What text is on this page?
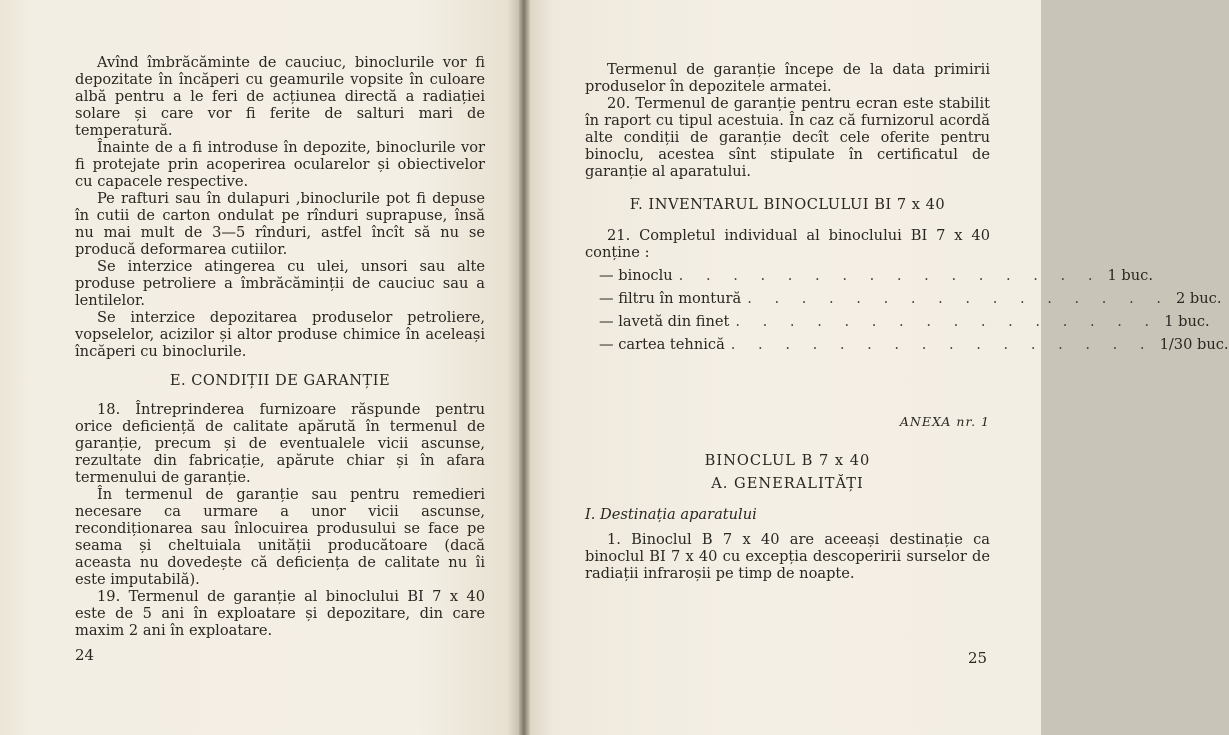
Avînd îmbrăcăminte de cauciuc, binoclurile vor fi depozitate în încăperi cu geamurile vopsite în culoare albă pentru a le feri de acțiunea directă a radiației solare și care vor fi ferite de salturi mari de temperatură.

Înainte de a fi introduse în depozite, binoclurile vor fi protejate prin acoperirea ocularelor și obiectivelor cu capacele respective.

Pe rafturi sau în dulapuri ,binoclurile pot fi depuse în cutii de carton ondulat pe rînduri suprapuse, însă nu mai mult de 3—5 rînduri, astfel încît să nu se producă deformarea cutiilor.

Se interzice atingerea cu ulei, unsori sau alte produse petroliere a îmbrăcăminții de cauciuc sau a lentilelor.

Se interzice depozitarea produselor petroliere, vopselelor, acizilor și altor produse chimice în aceleași încăperi cu binoclurile.

E. CONDIȚII DE GARANȚIE

18. Întreprinderea furnizoare răspunde pentru orice deficiență de calitate apărută în termenul de garanție, precum și de eventualele vicii ascunse, rezultate din fabricație, apărute chiar și în afara termenului de garanție.

În termenul de garanție sau pentru remedieri necesare ca urmare a unor vicii ascunse, recondiționarea sau înlocuirea produsului se face pe seama și cheltuiala unității producătoare (dacă aceasta nu dovedește că deficiența de calitate nu îi este imputabilă).

19. Termenul de garanție al binoclului BI 7 x 40 este de 5 ani în exploatare și depozitare, din care maxim 2 ani în exploatare.

24

Termenul de garanție începe de la data primirii produselor în depozitele armatei.

20. Termenul de garanție pentru ecran este stabilit în raport cu tipul acestuia. În caz că furnizorul acordă alte condiții de garanție decît cele oferite pentru binoclu, acestea sînt stipulate în certificatul de garanție al aparatului.

F. INVENTARUL BINOCLULUI BI 7 x 40

21. Completul individual al binoclului BI 7 x 40 conține :

— binoclu . . . . . . . . . . . . . . . . 1 buc.
— filtru în montură . . . . . . . . . . . . . . . . 2 buc.
— lavetă din finet . . . . . . . . . . . . . . . . 1 buc.
— cartea tehnică . . . . . . . . . . . . . . . . 1/30 buc.
ANEXA nr. 1
BINOCLUL B 7 x 40
A. GENERALITĂȚI
I. Destinația aparatului

1. Binoclul B 7 x 40 are aceeași destinație ca binoclul BI 7 x 40 cu excepția descoperirii surselor de radiații infraroșii pe timp de noapte.

25
